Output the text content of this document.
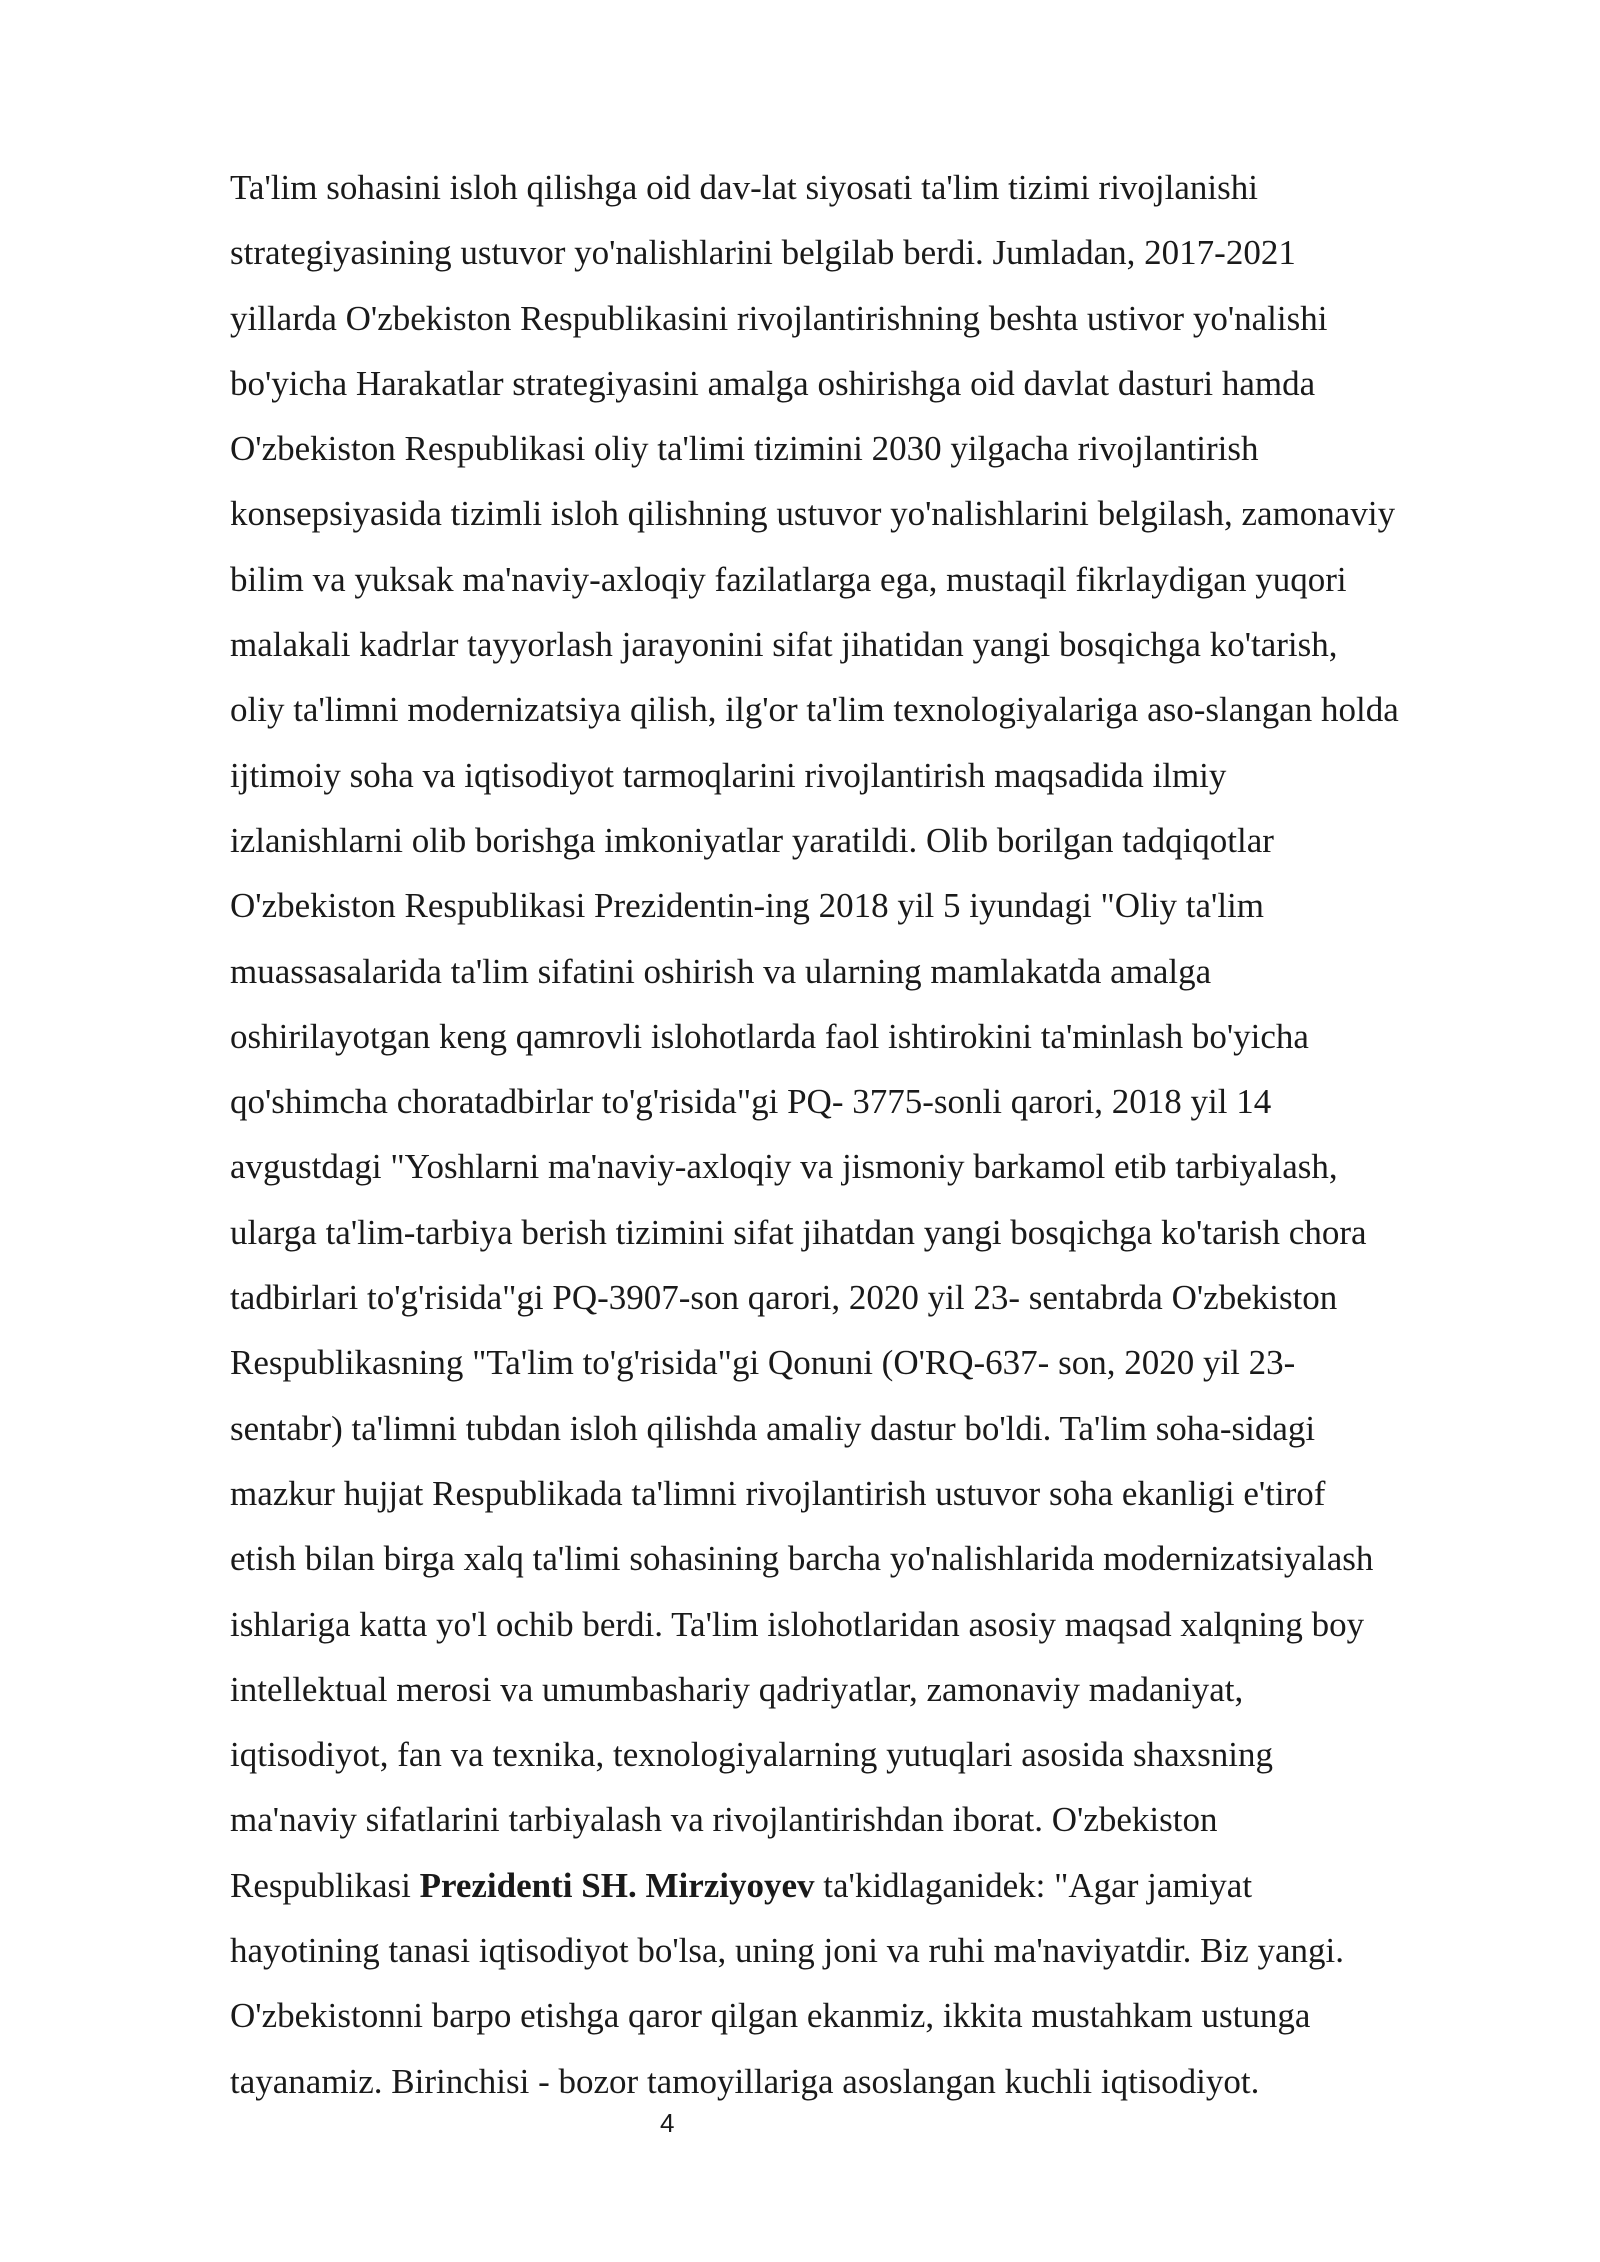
Ta'lim sohasini isloh qilishga oid dav-lat siyosati ta'lim tizimi rivojlanishi
strategiyasining ustuvor yo'nalishlarini belgilab berdi. Jumladan, 2017-2021
yillarda O'zbekiston Respublikasini rivojlantirishning beshta ustivor yo'nalishi
bo'yicha Harakatlar strategiyasini amalga oshirishga oid davlat dasturi hamda
O'zbekiston Respublikasi oliy ta'limi tizimini 2030 yilgacha rivojlantirish
konsepsiyasida tizimli isloh qilishning ustuvor yo'nalishlarini belgilash, zamonaviy
bilim va yuksak ma'naviy-axloqiy fazilatlarga ega, mustaqil fikrlaydigan yuqori
malakali kadrlar tayyorlash jarayonini sifat jihatidan yangi bosqichga ko'tarish,
oliy ta'limni modernizatsiya qilish, ilg'or ta'lim texnologiyalariga aso-slangan holda
ijtimoiy soha va iqtisodiyot tarmoqlarini rivojlantirish maqsadida ilmiy
izlanishlarni olib borishga imkoniyatlar yaratildi. Olib borilgan tadqiqotlar
O'zbekiston Respublikasi Prezidentin-ing 2018 yil 5 iyundagi "Oliy ta'lim
muassasalarida ta'lim sifatini oshirish va ularning mamlakatda amalga
oshirilayotgan keng qamrovli islohotlarda faol ishtirokini ta'minlash bo'yicha
qo'shimcha choratadbirlar to'g'risida"gi PQ- 3775-sonli qarori, 2018 yil 14
avgustdagi "Yoshlarni ma'naviy-axloqiy va jismoniy barkamol etib tarbiyalash,
ularga ta'lim-tarbiya berish tizimini sifat jihatdan yangi bosqichga ko'tarish chora
tadbirlari to'g'risida"gi PQ-3907-son qarori, 2020 yil 23- sentabrda O'zbekiston
Respublikasning "Ta'lim to'g'risida"gi Qonuni (O'RQ-637- son, 2020 yil 23-
sentabr) ta'limni tubdan isloh qilishda amaliy dastur bo'ldi. Ta'lim soha-sidagi
mazkur hujjat Respublikada ta'limni rivojlantirish ustuvor soha ekanligi e'tirof
etish bilan birga xalq ta'limi sohasining barcha yo'nalishlarida modernizatsiyalash
ishlariga katta yo'l ochib berdi. Ta'lim islohotlaridan asosiy maqsad xalqning boy
intellektual merosi va umumbashariy qadriyatlar, zamonaviy madaniyat,
iqtisodiyot, fan va texnika, texnologiyalarning yutuqlari asosida shaxsning
ma'naviy sifatlarini tarbiyalash va rivojlantirishdan iborat. O'zbekiston
Respublikasi Prezidenti SH. Mirziyoyev ta'kidlaganidek: "Agar jamiyat
hayotining tanasi iqtisodiyot bo'lsa, uning joni va ruhi ma'naviyatdir. Biz yangi.
O'zbekistonni barpo etishga qaror qilgan ekanmiz, ikkita mustahkam ustunga
tayanamiz. Birinchisi - bozor tamoyillariga asoslangan kuchli iqtisodiyot.
4
